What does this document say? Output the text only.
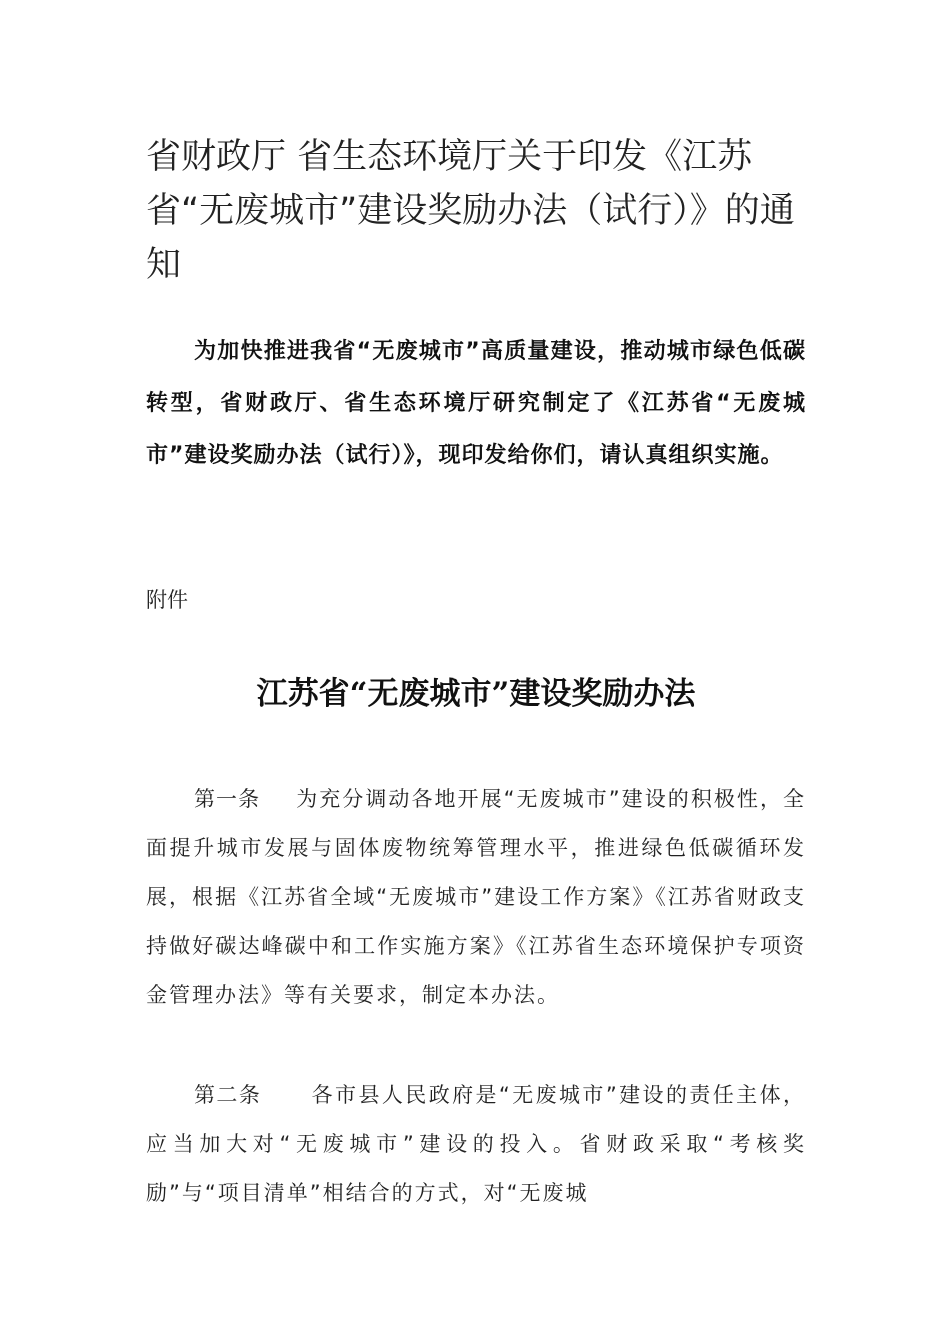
省财政厅 省生态环境厅关于印发《江苏省“无废城市”建设奖励办法（试行）》的通知

为加快推进我省“无废城市”高质量建设，推动城市绿色低碳转型，省财政厅、省生态环境厅研究制定了《江苏省“无废城市”建设奖励办法（试行）》，现印发给你们，请认真组织实施。

附件

江苏省“无废城市”建设奖励办法

第一条 为充分调动各地开展“无废城市”建设的积极性，全面提升城市发展与固体废物统筹管理水平，推进绿色低碳循环发展，根据《江苏省全域“无废城市”建设工作方案》《江苏省财政支持做好碳达峰碳中和工作实施方案》《江苏省生态环境保护专项资金管理办法》等有关要求，制定本办法。

第二条 各市县人民政府是“无废城市”建设的责任主体，应当加大对“无废城市”建设的投入。省财政采取“考核奖励”与“项目清单”相结合的方式，对“无废城
